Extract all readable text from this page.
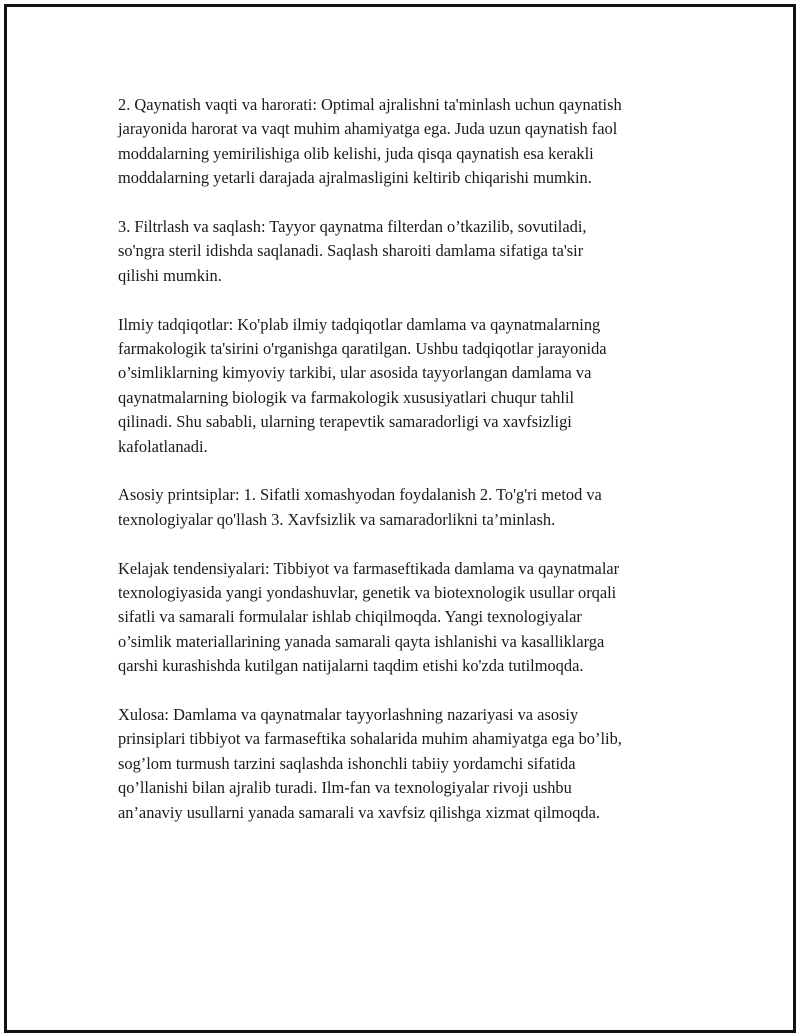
2. Qaynatish vaqti va harorati: Optimal ajralishni ta'minlash uchun qaynatish
jarayonida harorat va vaqt muhim ahamiyatga ega. Juda uzun qaynatish faol
moddalarning yemirilishiga olib kelishi, juda qisqa qaynatish esa kerakli
moddalarning yetarli darajada ajralmasligini keltirib chiqarishi mumkin.
3. Filtrlash va saqlash: Tayyor qaynatma filterdan o’tkazilib, sovutiladi,
so'ngra steril idishda saqlanadi. Saqlash sharoiti damlama sifatiga ta'sir
qilishi mumkin.
Ilmiy tadqiqotlar: Ko'plab ilmiy tadqiqotlar damlama va qaynatmalarning
farmakologik ta'sirini o'rganishga qaratilgan. Ushbu tadqiqotlar jarayonida
o’simliklarning kimyoviy tarkibi, ular asosida tayyorlangan damlama va
qaynatmalarning biologik va farmakologik xususiyatlari chuqur tahlil
qilinadi. Shu sababli, ularning terapevtik samaradorligi va xavfsizligi
kafolatlanadi.
Asosiy printsiplar: 1. Sifatli xomashyodan foydalanish 2. To'g'ri metod va
texnologiyalar qo'llash 3. Xavfsizlik va samaradorlikni ta’minlash.
Kelajak tendensiyalari: Tibbiyot va farmaseftikada damlama va qaynatmalar
texnologiyasida yangi yondashuvlar, genetik va biotexnologik usullar orqali
sifatli va samarali formulalar ishlab chiqilmoqda. Yangi texnologiyalar
o’simlik materiallarining yanada samarali qayta ishlanishi va kasalliklarga
qarshi kurashishda kutilgan natijalarni taqdim etishi ko'zda tutilmoqda.
Xulosa: Damlama va qaynatmalar tayyorlashning nazariyasi va asosiy
prinsiplari tibbiyot va farmaseftika sohalarida muhim ahamiyatga ega bo’lib,
sog’lom turmush tarzini saqlashda ishonchli tabiiy yordamchi sifatida
qo’llanishi bilan ajralib turadi. Ilm-fan va texnologiyalar rivoji ushbu
an’anaviy usullarni yanada samarali va xavfsiz qilishga xizmat qilmoqda.
